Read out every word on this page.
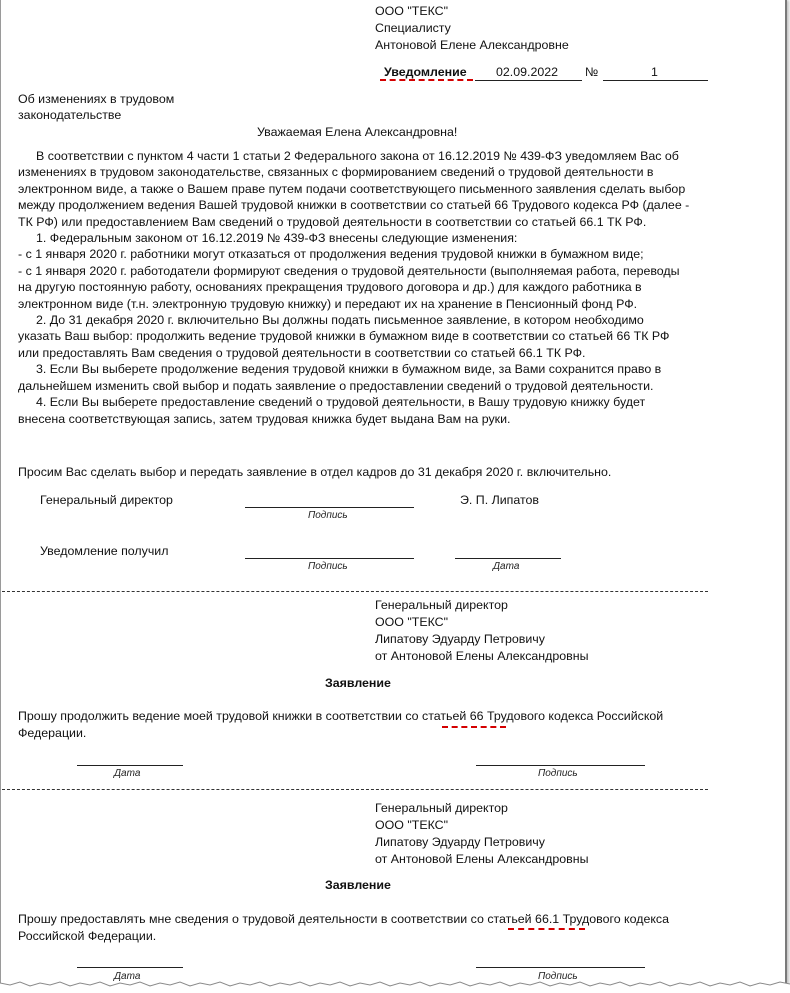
ООО "ТЕКС"
Специалисту
Антоновой Елене Александровне
Уведомление 02.09.2022 №	1
Об изменениях в трудовом
законодательстве
Уважаемая Елена Александровна!

В соответствии с пунктом 4 части 1 статьи 2 Федерального закона от 16.12.2019 № 439-ФЗ уведомляем Вас об изменениях в трудовом законодательстве, связанных с формированием сведений о трудовой деятельности в электронном виде, а также о Вашем праве путем подачи соответствующего письменного заявления сделать выбор между продолжением ведения Вашей трудовой книжки в соответствии со статьей 66 Трудового кодекса РФ (далее - ТК РФ) или предоставлением Вам сведений о трудовой деятельности в соответствии со статьей 66.1 ТК РФ.

1. Федеральным законом от 16.12.2019 № 439-ФЗ внесены следующие изменения:

- с 1 января 2020 г. работники могут отказаться от продолжения ведения трудовой книжки в бумажном виде;

- с 1 января 2020 г. работодатели формируют сведения о трудовой деятельности (выполняемая работа, переводы на другую постоянную работу, основаниях прекращения трудового договора и др.) для каждого работника в электронном виде (т.н. электронную трудовую книжку) и передают их на хранение в Пенсионный фонд РФ.

2. До 31 декабря 2020 г. включительно Вы должны подать письменное заявление, в котором необходимо указать Ваш выбор: продолжить ведение трудовой книжки в бумажном виде в соответствии со статьей 66 ТК РФ или предоставлять Вам сведения о трудовой деятельности в соответствии со статьей 66.1 ТК РФ.

3. Если Вы выберете продолжение ведения трудовой книжки в бумажном виде, за Вами сохранится право в дальнейшем изменить свой выбор и подать заявление о предоставлении сведений о трудовой деятельности.

4. Если Вы выберете предоставление сведений о трудовой деятельности, в Вашу трудовую книжку будет внесена соответствующая запись, затем трудовая книжка будет выдана Вам на руки.

Просим Вас сделать выбор и передать заявление в отдел кадров до 31 декабря 2020 г. включительно.
Генеральный директор
Подпись
Э. П. Липатов
Уведомление получил
Подпись	Дата
Генеральный директор
ООО "ТЕКС"
Липатову Эдуарду Петровичу
от Антоновой Елены Александровны
Заявление
Прошу продолжить ведение моей трудовой книжки в соответствии со статьей 66 Трудового кодекса Российской Федерации.
Дата	Подпись
Генеральный директор
ООО "ТЕКС"
Липатову Эдуарду Петровичу
от Антоновой Елены Александровны
Заявление
Прошу предоставлять мне сведения о трудовой деятельности в соответствии со статьей 66.1 Трудового кодекса Российской Федерации.
Дата	Подпись
